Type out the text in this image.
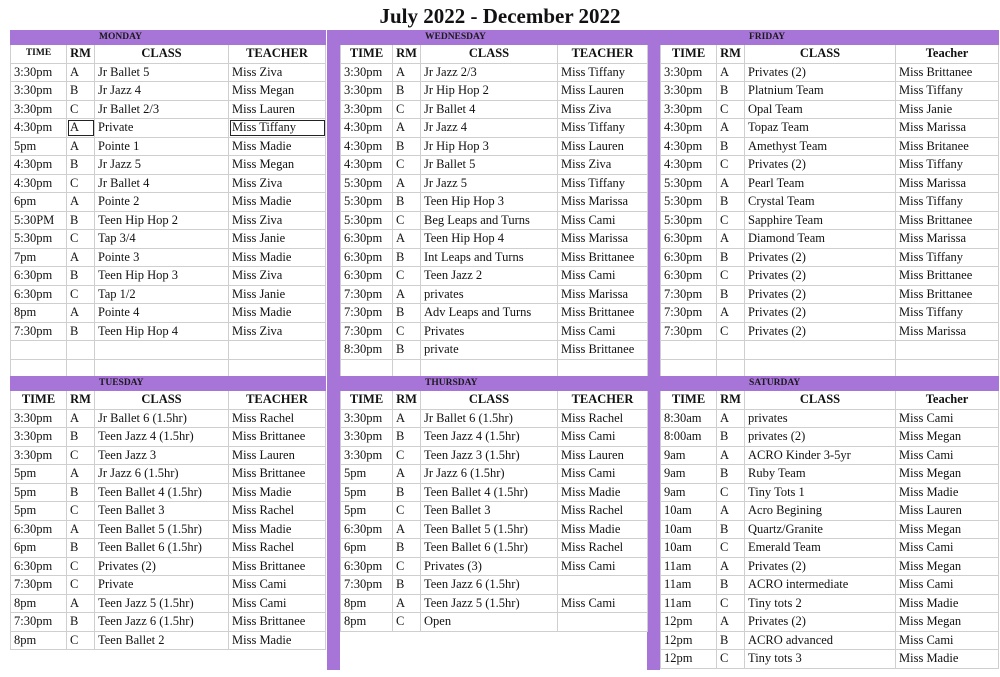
July 2022 - December 2022
		MONDAY	
TIME	RM	CLASS	TEACHER
3:30pm	A	Jr Ballet 5	Miss Ziva
3:30pm	B	Jr Jazz 4	Miss Megan
3:30pm	C	Jr Ballet 2/3	Miss Lauren
4:30pm	A	Private	Miss Tiffany
5pm	A	Pointe 1	Miss Madie
4:30pm	B	Jr Jazz 5	Miss Megan
4:30pm	C	Jr Ballet 4	Miss Ziva
6pm	A	Pointe 2	Miss Madie
5:30PM	B	Teen Hip Hop 2	Miss Ziva
5:30pm	C	Tap 3/4	Miss Janie
7pm	A	Pointe 3	Miss Madie
6:30pm	B	Teen Hip Hop 3	Miss Ziva
6:30pm	C	Tap 1/2	Miss Janie
8pm	A	Pointe 4	Miss Madie
7:30pm	B	Teen Hip Hop 4	Miss Ziva

		WEDNESDAY	
TIME	RM	CLASS	TEACHER
3:30pm	A	Jr Jazz 2/3	Miss Tiffany
3:30pm	B	Jr Hip Hop 2	Miss Lauren
3:30pm	C	Jr Ballet 4	Miss Ziva
4:30pm	A	Jr Jazz 4	Miss Tiffany
4:30pm	B	Jr Hip Hop 3	Miss Lauren
4:30pm	C	Jr Ballet 5	Miss Ziva
5:30pm	A	Jr Jazz 5	Miss Tiffany
5:30pm	B	Teen Hip Hop 3	Miss Marissa
5:30pm	C	Beg Leaps and Turns	Miss Cami
6:30pm	A	Teen Hip Hop 4	Miss Marissa
6:30pm	B	Int Leaps and Turns	Miss Brittanee
6:30pm	C	Teen Jazz 2	Miss Cami
7:30pm	A	privates	Miss Marissa
7:30pm	B	Adv Leaps and Turns	Miss Brittanee
7:30pm	C	Privates	Miss Cami
8:30pm	B	private	Miss Brittanee

		FRIDAY	
TIME	RM	CLASS	Teacher
3:30pm	A	Privates (2)	Miss Brittanee
3:30pm	B	Platnium Team	Miss Tiffany
3:30pm	C	Opal Team	Miss Janie
4:30pm	A	Topaz Team	Miss Marissa
4:30pm	B	Amethyst Team	Miss Britanee
4:30pm	C	Privates (2)	Miss Tiffany
5:30pm	A	Pearl Team	Miss Marissa
5:30pm	B	Crystal Team	Miss Tiffany
5:30pm	C	Sapphire Team	Miss Brittanee
6:30pm	A	Diamond Team	Miss Marissa
6:30pm	B	Privates (2)	Miss Tiffany
6:30pm	C	Privates (2)	Miss Brittanee
7:30pm	B	Privates (2)	Miss Brittanee
7:30pm	A	Privates (2)	Miss Tiffany
7:30pm	C	Privates (2)	Miss Marissa

		TUESDAY	
TIME	RM	CLASS	TEACHER
3:30pm	A	Jr Ballet 6 (1.5hr)	Miss Rachel
3:30pm	B	Teen Jazz 4 (1.5hr)	Miss Brittanee
3:30pm	C	Teen Jazz 3	Miss Lauren
5pm	A	Jr Jazz 6 (1.5hr)	Miss Brittanee
5pm	B	Teen Ballet 4 (1.5hr)	Miss Madie
5pm	C	Teen Ballet 3	Miss Rachel
6:30pm	A	Teen Ballet 5 (1.5hr)	Miss Madie
6pm	B	Teen Ballet 6 (1.5hr)	Miss Rachel
6:30pm	C	Privates (2)	Miss Brittanee
7:30pm	C	Private	Miss Cami
8pm	A	Teen Jazz 5 (1.5hr)	Miss Cami
7:30pm	B	Teen Jazz 6 (1.5hr)	Miss Brittanee
8pm	C	Teen Ballet 2	Miss Madie
		THURSDAY	
TIME	RM	CLASS	TEACHER
3:30pm	A	Jr Ballet 6 (1.5hr)	Miss Rachel
3:30pm	B	Teen Jazz 4 (1.5hr)	Miss Cami
3:30pm	C	Teen Jazz 3 (1.5hr)	Miss Lauren
5pm	A	Jr Jazz 6 (1.5hr)	Miss Cami
5pm	B	Teen Ballet 4 (1.5hr)	Miss Madie
5pm	C	Teen Ballet 3	Miss Rachel
6:30pm	A	Teen Ballet 5 (1.5hr)	Miss Madie
6pm	B	Teen Ballet 6 (1.5hr)	Miss Rachel
6:30pm	C	Privates (3)	Miss Cami
7:30pm	B	Teen Jazz 6 (1.5hr)	
8pm	A	Teen Jazz 5 (1.5hr)	Miss Cami
8pm	C	Open	
		SATURDAY	
TIME	RM	CLASS	Teacher
8:30am	A	privates	Miss Cami
8:00am	B	privates (2)	Miss Megan
9am	A	ACRO Kinder 3-5yr	Miss Cami
9am	B	Ruby Team	Miss Megan
9am	C	Tiny Tots 1	Miss Madie
10am	A	Acro Begining	Miss Lauren
10am	B	Quartz/Granite	Miss Megan
10am	C	Emerald Team	Miss Cami
11am	A	Privates (2)	Miss Megan
11am	B	ACRO intermediate	Miss Cami
11am	C	Tiny tots 2	Miss Madie
12pm	A	Privates (2)	Miss Megan
12pm	B	ACRO advanced	Miss Cami
12pm	C	Tiny tots 3	Miss Madie
